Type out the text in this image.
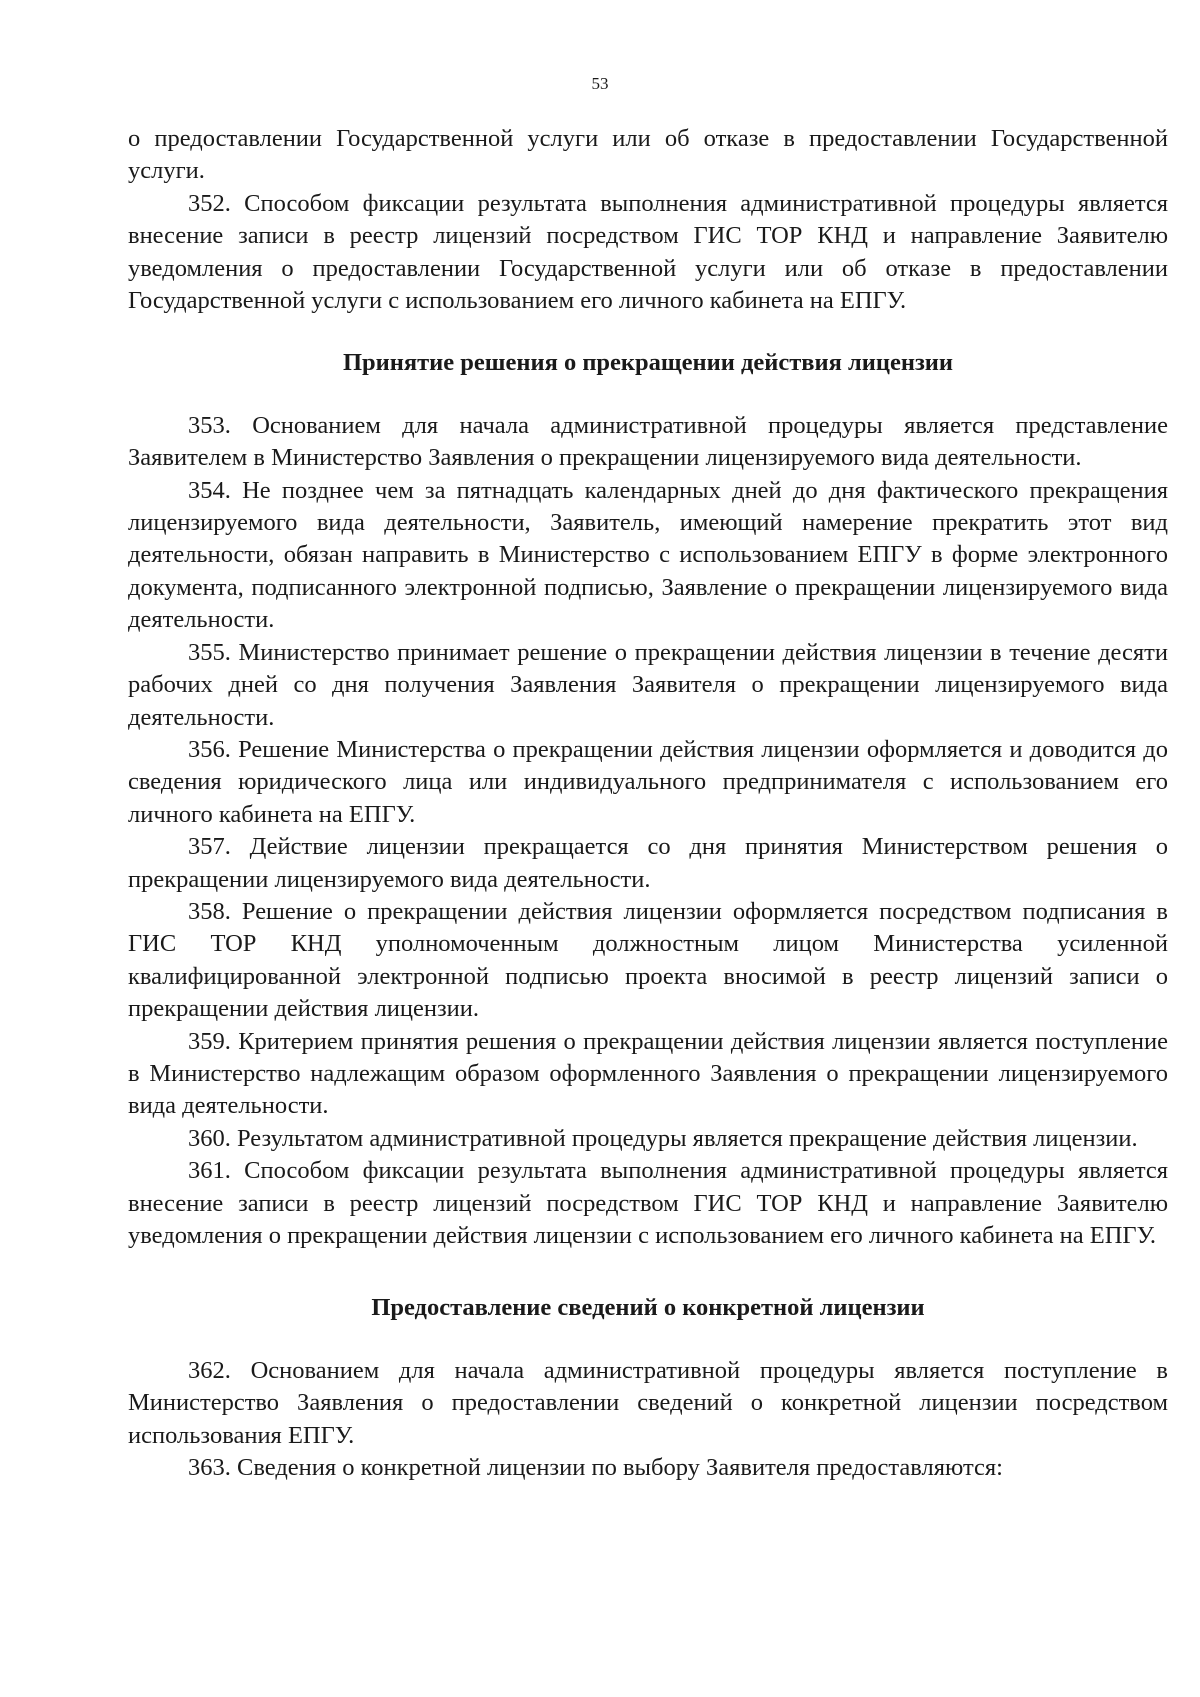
53

о предоставлении Государственной услуги или об отказе в предоставлении Государственной услуги.

352. Способом фиксации результата выполнения административной процедуры является внесение записи в реестр лицензий посредством ГИС ТОР КНД и направление Заявителю уведомления о предоставлении Государственной услуги или об отказе в предоставлении Государственной услуги с использованием его личного кабинета на ЕПГУ.

Принятие решения о прекращении действия лицензии

353. Основанием для начала административной процедуры является представление Заявителем в Министерство Заявления о прекращении лицензируемого вида деятельности.

354. Не позднее чем за пятнадцать календарных дней до дня фактического прекращения лицензируемого вида деятельности, Заявитель, имеющий намерение прекратить этот вид деятельности, обязан направить в Министерство с использованием ЕПГУ в форме электронного документа, подписанного электронной подписью, Заявление о прекращении лицензируемого вида деятельности.

355. Министерство принимает решение о прекращении действия лицензии в течение десяти рабочих дней со дня получения Заявления Заявителя о прекращении лицензируемого вида деятельности.

356. Решение Министерства о прекращении действия лицензии оформляется и доводится до сведения юридического лица или индивидуального предпринимателя с использованием его личного кабинета на ЕПГУ.

357. Действие лицензии прекращается со дня принятия Министерством решения о прекращении лицензируемого вида деятельности.

358. Решение о прекращении действия лицензии оформляется посредством подписания в ГИС ТОР КНД уполномоченным должностным лицом Министерства усиленной квалифицированной электронной подписью проекта вносимой в реестр лицензий записи о прекращении действия лицензии.

359. Критерием принятия решения о прекращении действия лицензии является поступление в Министерство надлежащим образом оформленного Заявления о прекращении лицензируемого вида деятельности.

360. Результатом административной процедуры является прекращение действия лицензии.

361. Способом фиксации результата выполнения административной процедуры является внесение записи в реестр лицензий посредством ГИС ТОР КНД и направление Заявителю уведомления о прекращении действия лицензии с использованием его личного кабинета на ЕПГУ.

Предоставление сведений о конкретной лицензии

362. Основанием для начала административной процедуры является поступление в Министерство Заявления о предоставлении сведений о конкретной лицензии посредством использования ЕПГУ.

363. Сведения о конкретной лицензии по выбору Заявителя предоставляются:
